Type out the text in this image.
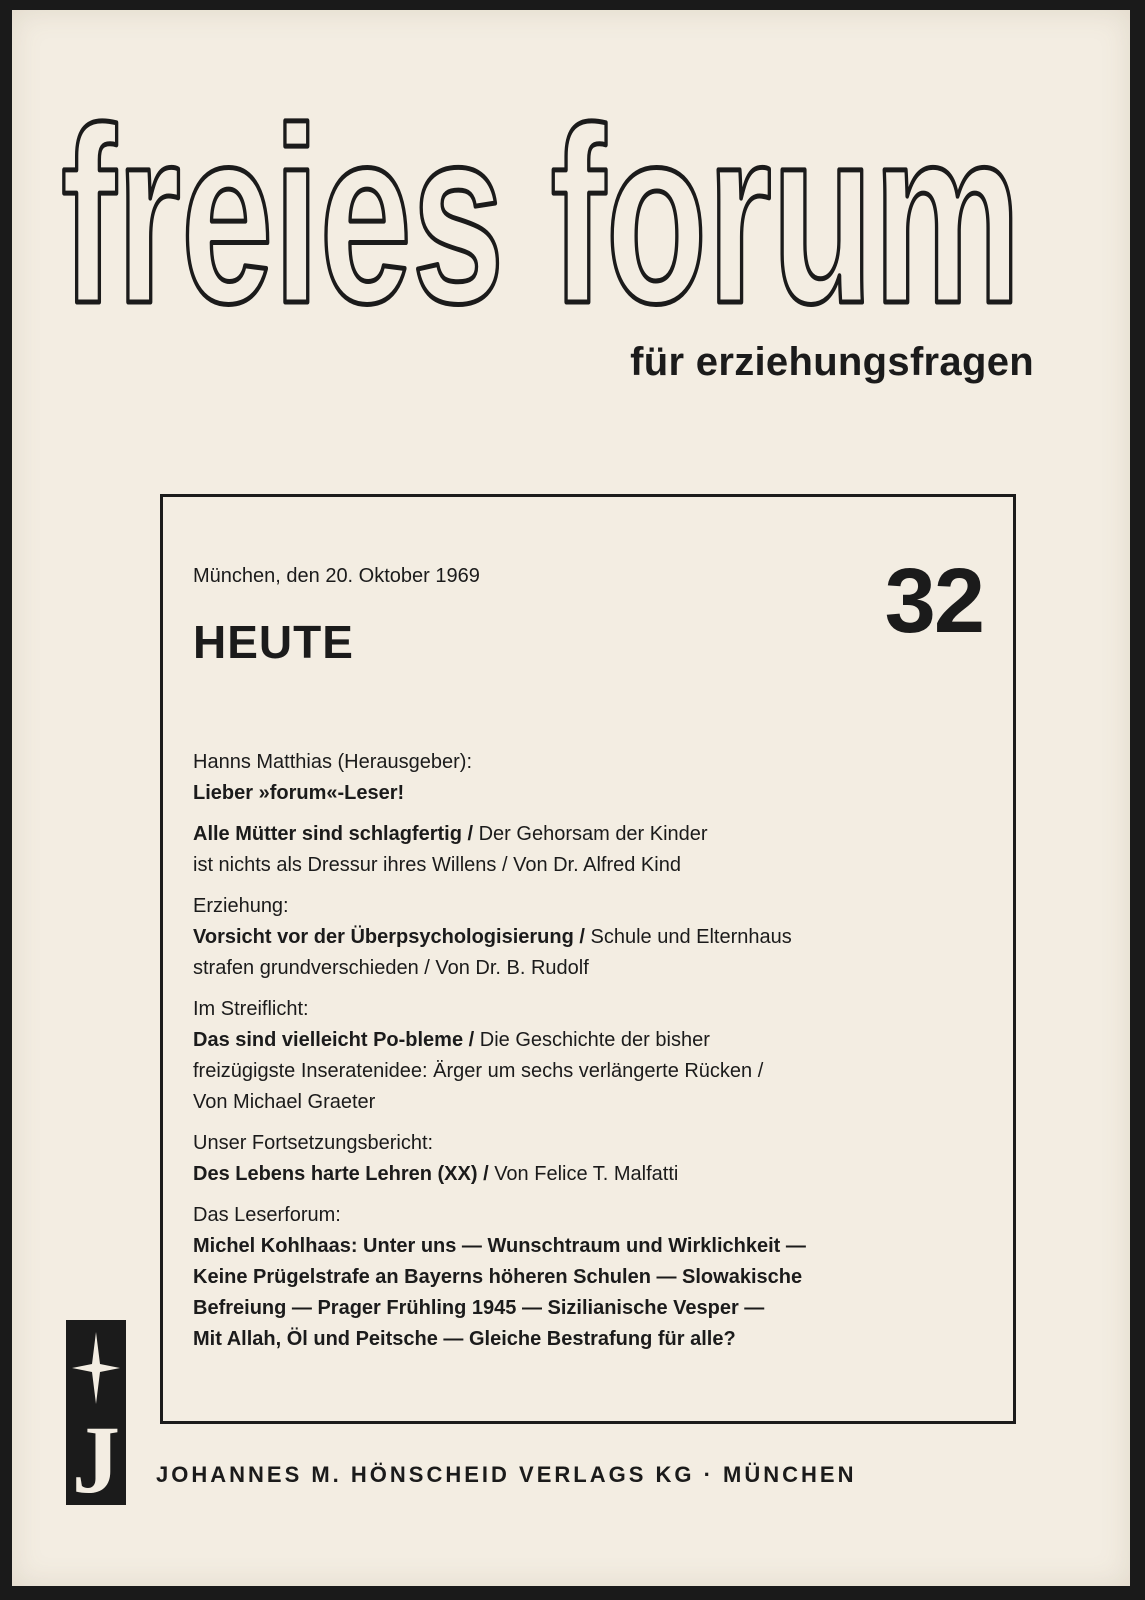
freies forum
für erziehungsfragen
München, den 20. Oktober 1969	32
HEUTE

Hanns Matthias (Herausgeber):

Lieber »forum«-Leser!

Alle Mütter sind schlagfertig / Der Gehorsam der Kinder

ist nichts als Dressur ihres Willens / Von Dr. Alfred Kind

Erziehung:

Vorsicht vor der Überpsychologisierung / Schule und Elternhaus

strafen grundverschieden / Von Dr. B. Rudolf

Im Streiflicht:

Das sind vielleicht Po-bleme / Die Geschichte der bisher

freizügigste Inseratenidee: Ärger um sechs verlängerte Rücken /

Von Michael Graeter

Unser Fortsetzungsbericht:

Des Lebens harte Lehren (XX) / Von Felice T. Malfatti

Das Leserforum:

Michel Kohlhaas: Unter uns — Wunschtraum und Wirklichkeit —

Keine Prügelstrafe an Bayerns höheren Schulen — Slowakische

Befreiung — Prager Frühling 1945 — Sizilianische Vesper —

Mit Allah, Öl und Peitsche — Gleiche Bestrafung für alle?

J JOHANNES M. HÖNSCHEID VERLAGS KG · MÜNCHEN
